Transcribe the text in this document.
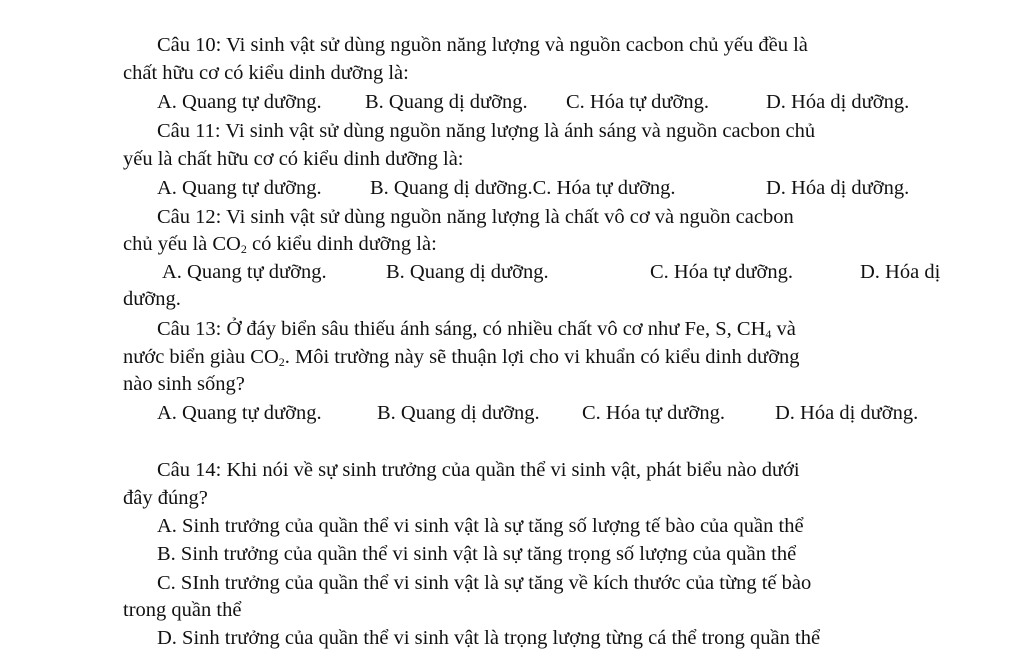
Câu 10: Vi sinh vật sử dùng nguồn năng lượng và nguồn cacbon chủ yếu đều là
chất hữu cơ có kiểu dinh dưỡng là:
A. Quang tự dưỡng. B. Quang dị dưỡng. C. Hóa tự dưỡng.	D. Hóa dị dưỡng.
Câu 11: Vi sinh vật sử dùng nguồn năng lượng là ánh sáng và nguồn cacbon chủ
yếu là chất hữu cơ có kiểu dinh dưỡng là:
A. Quang tự dưỡng. B. Quang dị dưỡng.C. Hóa tự dưỡng.	D. Hóa dị dưỡng.
Câu 12: Vi sinh vật sử dùng nguồn năng lượng là chất vô cơ và nguồn cacbon
chủ yếu là $CO_2$ có kiểu dinh dưỡng là:
A. Quang tự dưỡng.	B. Quang dị dưỡng.	C. Hóa tự dưỡng.	D. Hóa dị
dưỡng.
Câu 13: Ở đáy biển sâu thiếu ánh sáng, có nhiều chất vô cơ như Fe, S, $CH_4$ và
nước biển giàu $CO_2$. Môi trường này sẽ thuận lợi cho vi khuẩn có kiểu dinh dưỡng
nào sinh sống?
A. Quang tự dưỡng.	B. Quang dị dưỡng. C. Hóa tự dưỡng. D. Hóa dị dưỡng.
Câu 14: Khi nói về sự sinh trưởng của quần thể vi sinh vật, phát biểu nào dưới
đây đúng?
A. Sinh trưởng của quần thể vi sinh vật là sự tăng số lượng tế bào của quần thể
B. Sinh trưởng của quần thể vi sinh vật là sự tăng trọng số lượng của quần thể
C. SInh trưởng của quần thể vi sinh vật là sự tăng về kích thước của từng tế bào
trong quần thể
D. Sinh trưởng của quần thể vi sinh vật là trọng lượng từng cá thể trong quần thể
